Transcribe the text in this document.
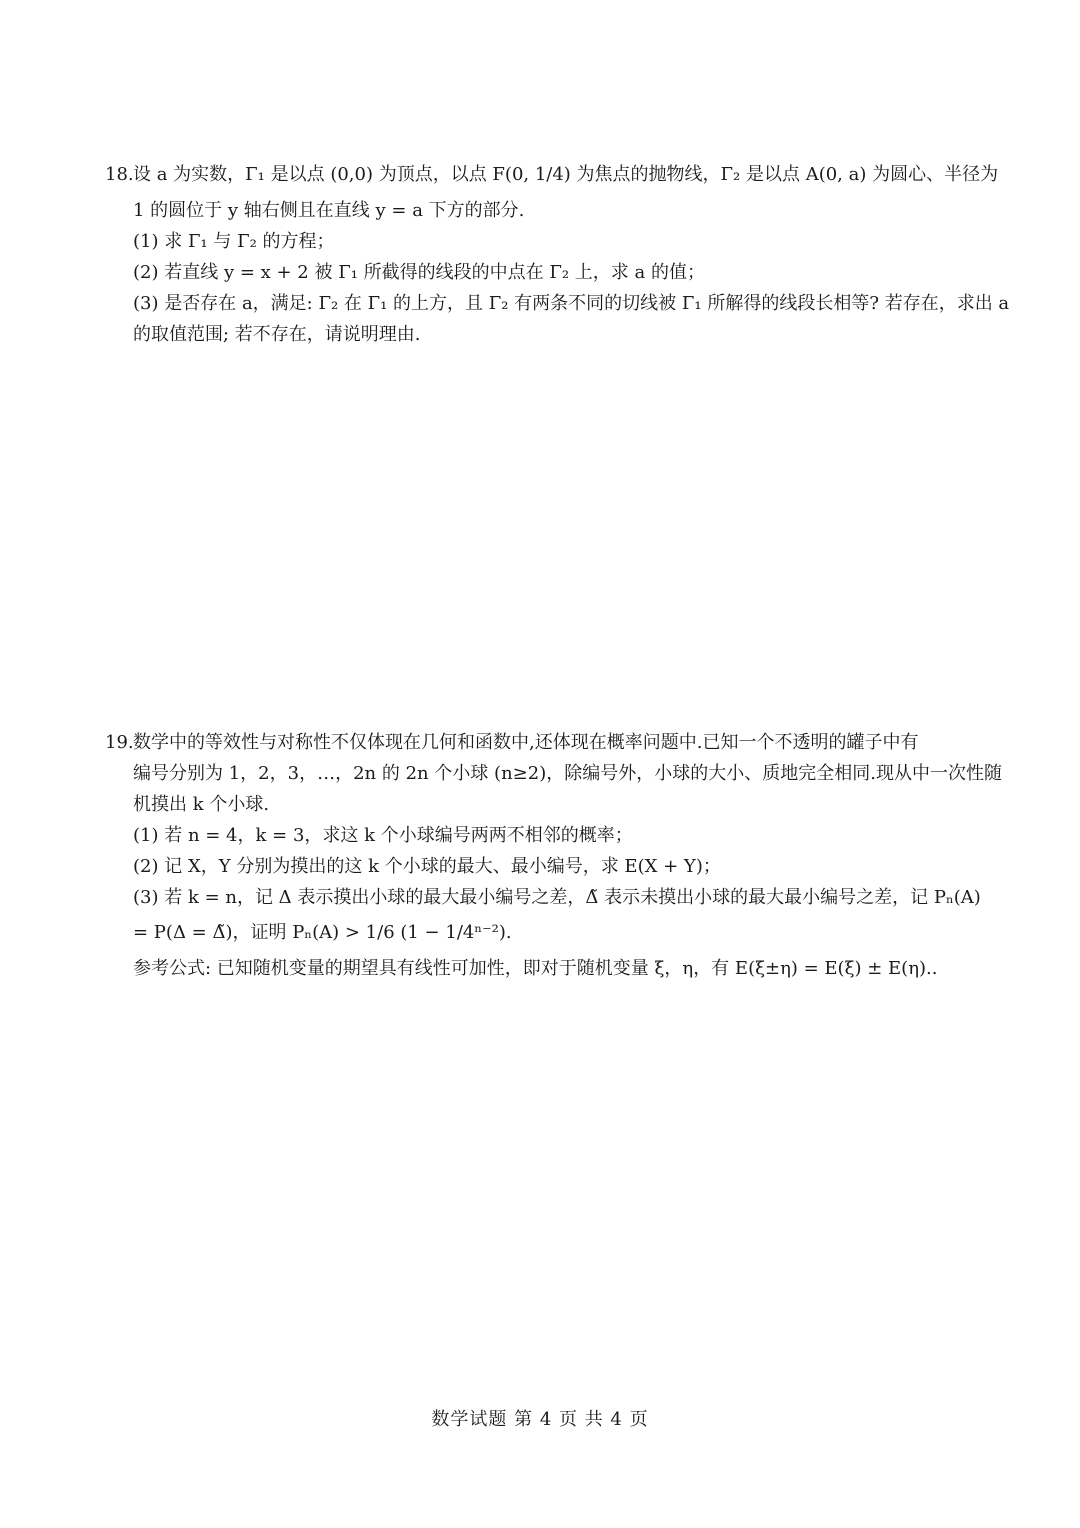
18.设 a 为实数，Γ₁ 是以点 (0,0) 为顶点，以点 F(0, 1/4) 为焦点的抛物线，Γ₂ 是以点 A(0, a) 为圆心、半径为
1 的圆位于 y 轴右侧且在直线 y = a 下方的部分.
(1) 求 Γ₁ 与 Γ₂ 的方程；
(2) 若直线 y = x + 2 被 Γ₁ 所截得的线段的中点在 Γ₂ 上，求 a 的值；
(3) 是否存在 a，满足: Γ₂ 在 Γ₁ 的上方，且 Γ₂ 有两条不同的切线被 Γ₁ 所解得的线段长相等? 若存在，求出 a
的取值范围; 若不存在，请说明理由.
19.数学中的等效性与对称性不仅体现在几何和函数中,还体现在概率问题中.已知一个不透明的罐子中有
编号分别为 1，2，3，…，2n 的 2n 个小球 (n≥2)，除编号外，小球的大小、质地完全相同.现从中一次性随
机摸出 k 个小球.
(1) 若 n = 4，k = 3，求这 k 个小球编号两两不相邻的概率；
(2) 记 X，Y 分别为摸出的这 k 个小球的最大、最小编号，求 E(X + Y)；
(3) 若 k = n，记 Δ 表示摸出小球的最大最小编号之差，Δ̃ 表示未摸出小球的最大最小编号之差，记 Pₙ(A)
= P(Δ = Δ̃)，证明 Pₙ(A) > 1/6 (1 − 1/4ⁿ⁻²).
参考公式: 已知随机变量的期望具有线性可加性，即对于随机变量 ξ，η，有 E(ξ±η) = E(ξ) ± E(η)..
数学试题 第 4 页 共 4 页
